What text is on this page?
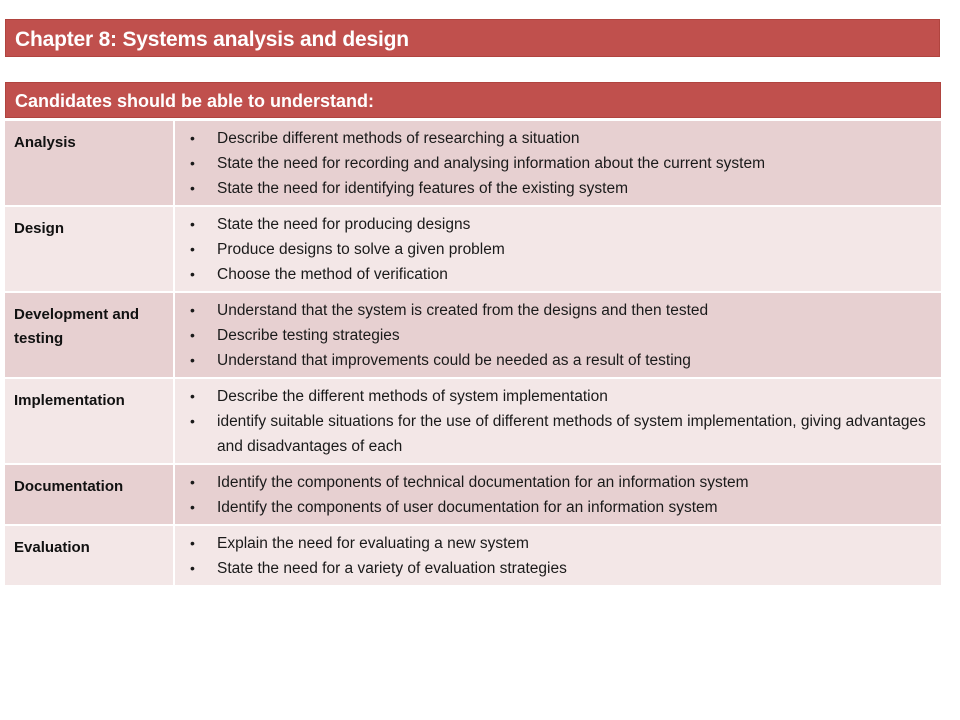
Chapter 8: Systems analysis and design
Candidates should be able to understand:
Analysis	• Describe different methods of researching a situation
• State the need for recording and analysing information about the current system
• State the need for identifying features of the existing system
Design	• State the need for producing designs
• Produce designs to solve a given problem
• Choose the method of verification
Development and testing
• Understand that the system is created from the designs and then tested
• Describe testing strategies
• Understand that improvements could be needed as a result of testing
Implementation	• Describe the different methods of system implementation
• identify suitable situations for the use of different methods of system implementation, giving advantages and disadvantages of each
Documentation	• Identify the components of technical documentation for an information system
• Identify the components of user documentation for an information system
Evaluation	• Explain the need for evaluating a new system
• State the need for a variety of evaluation strategies
